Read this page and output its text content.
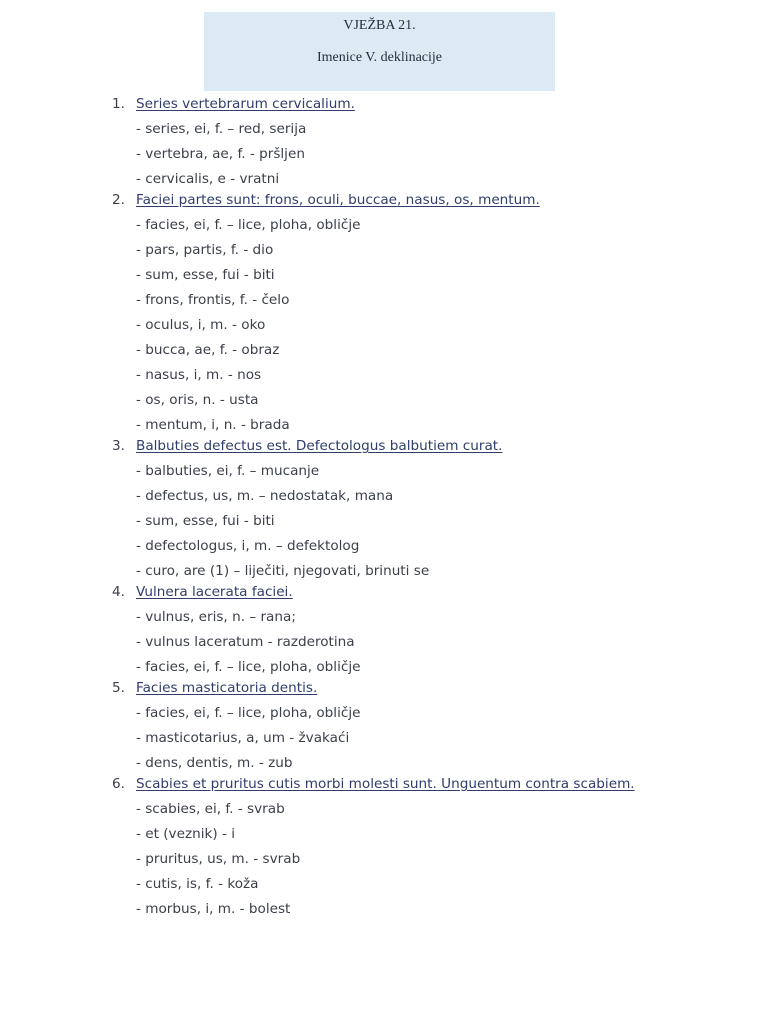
VJEŽBA 21.
Imenice V. deklinacije
1. Series vertebrarum cervicalium.
- series, ei, f. – red, serija
- vertebra, ae, f. - pršljen
- cervicalis, e - vratni
2. Faciei partes sunt: frons, oculi, buccae, nasus, os, mentum.
- facies, ei, f. – lice, ploha, obličje
- pars, partis, f. - dio
- sum, esse, fui - biti
- frons, frontis, f. - čelo
- oculus, i, m. - oko
- bucca, ae, f. - obraz
- nasus, i, m. - nos
- os, oris, n. - usta
- mentum, i, n. - brada
3. Balbuties defectus est. Defectologus balbutiem curat.
- balbuties, ei, f. – mucanje
- defectus, us, m. – nedostatak, mana
- sum, esse, fui - biti
- defectologus, i, m. – defektolog
- curo, are (1) – liječiti, njegovati, brinuti se
4. Vulnera lacerata faciei.
- vulnus, eris, n. – rana;
- vulnus laceratum - razderotina
- facies, ei, f. – lice, ploha, obličje
5. Facies masticatoria dentis.
- facies, ei, f. – lice, ploha, obličje
- masticotarius, a, um - žvakaći
- dens, dentis, m. - zub
6. Scabies et pruritus cutis morbi molesti sunt. Unguentum contra scabiem.
- scabies, ei, f. - svrab
- et (veznik) - i
- pruritus, us, m. - svrab
- cutis, is, f. - koža
- morbus, i, m. - bolest
